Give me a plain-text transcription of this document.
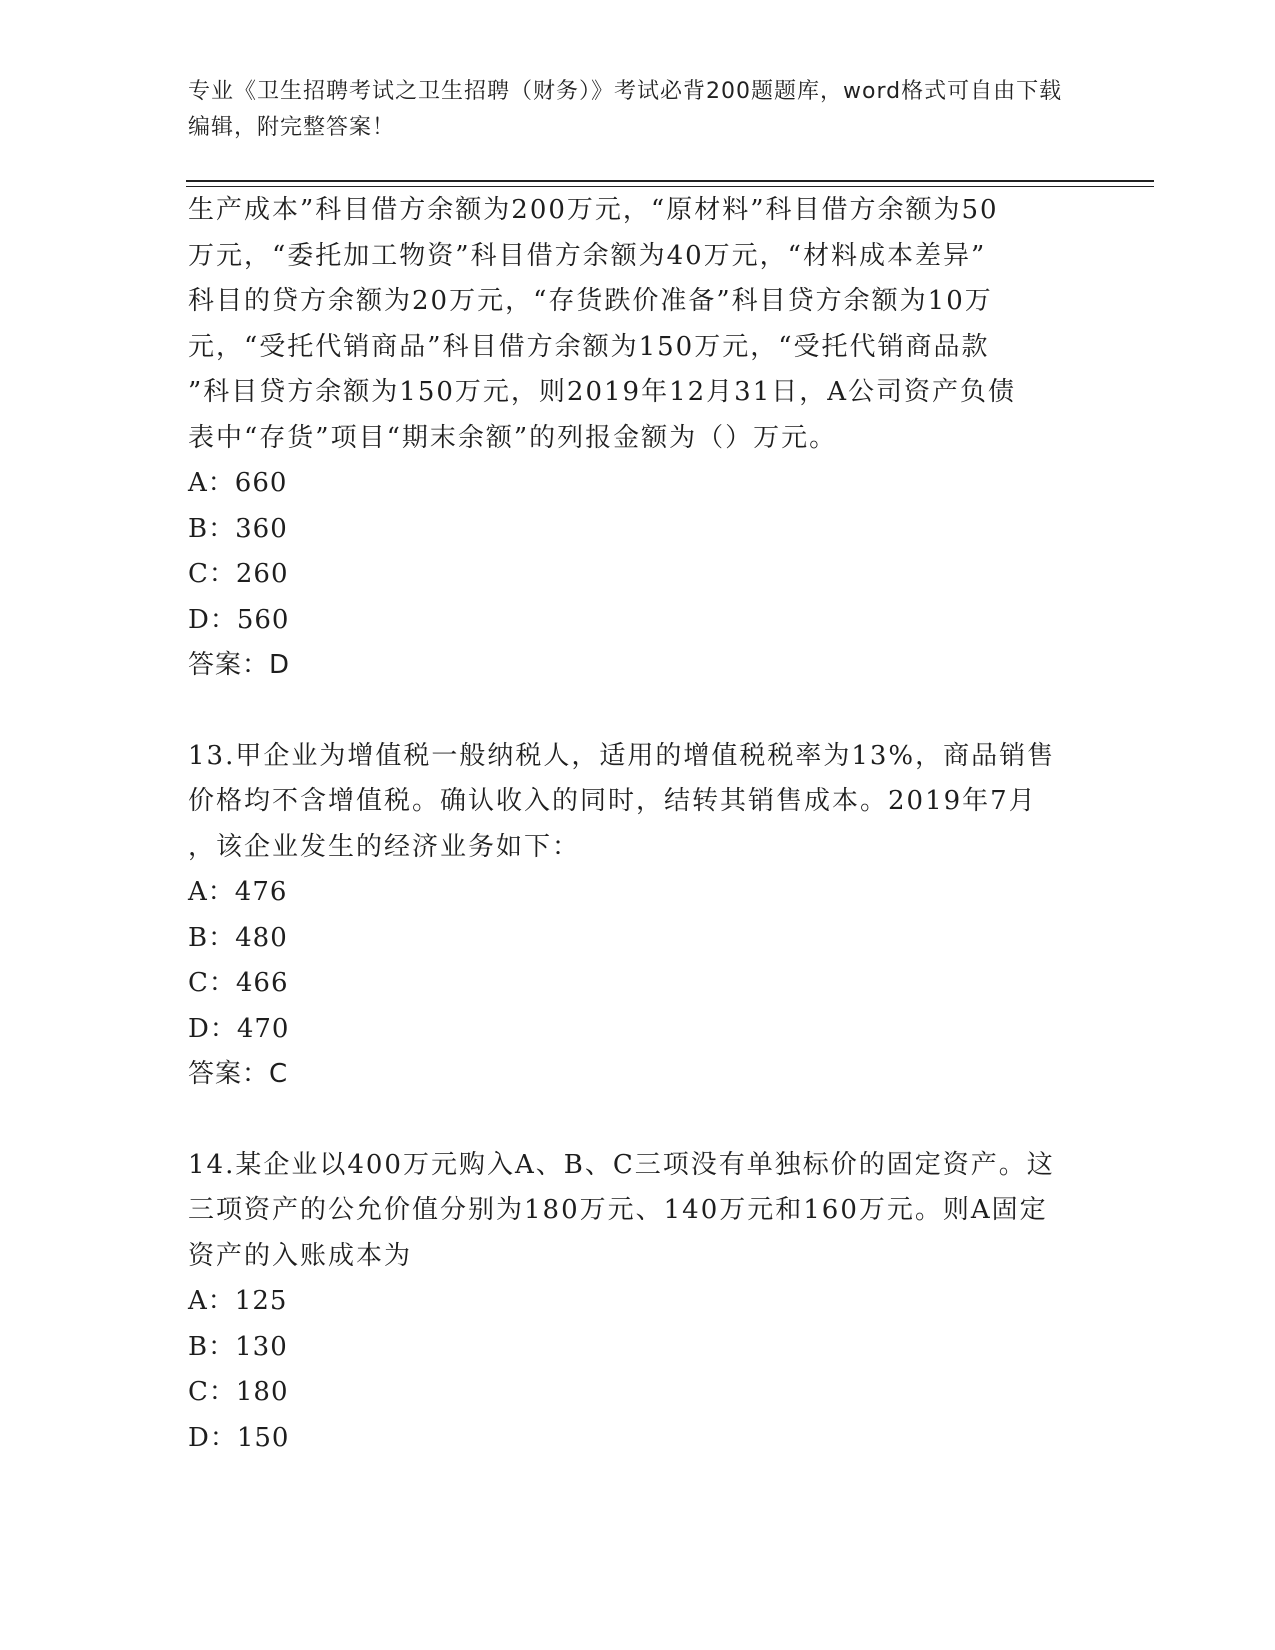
专业《卫生招聘考试之卫生招聘（财务）》考试必背200题题库，word格式可自由下载编辑，附完整答案！

生产成本”科目借方余额为200万元，“原材料”科目借方余额为50

万元，“委托加工物资”科目借方余额为40万元，“材料成本差异”

科目的贷方余额为20万元，“存货跌价准备”科目贷方余额为10万

元，“受托代销商品”科目借方余额为150万元，“受托代销商品款

”科目贷方余额为150万元，则2019年12月31日，A公司资产负债

表中“存货”项目“期末余额”的列报金额为（）万元。

A：660

B：360

C：260

D：560

答案：D

13.甲企业为增值税一般纳税人，适用的增值税税率为13%，商品销售

价格均不含增值税。确认收入的同时，结转其销售成本。2019年7月

，该企业发生的经济业务如下：

A：476

B：480

C：466

D：470

答案：C

14.某企业以400万元购入A、B、C三项没有单独标价的固定资产。这

三项资产的公允价值分别为180万元、140万元和160万元。则A固定

资产的入账成本为

A：125

B：130

C：180

D：150
